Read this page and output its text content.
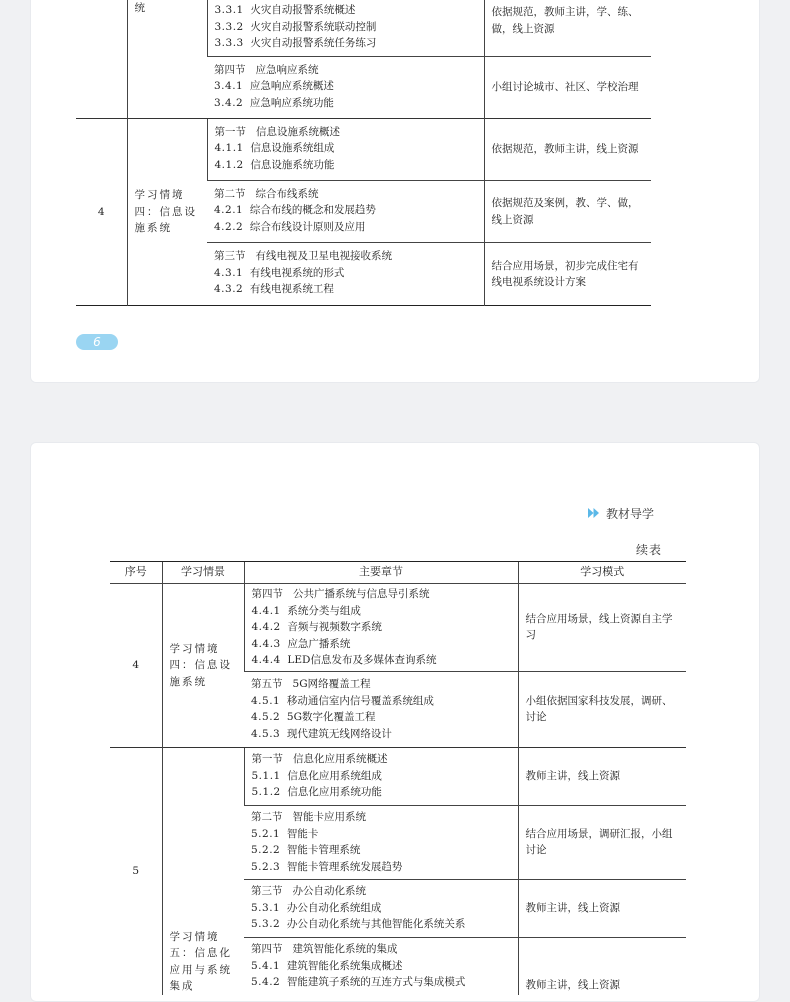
	统	3.3.1 火灾自动报警系统概述
3.3.2 火灾自动报警系统联动控制
3.3.3 火灾自动报警系统任务练习	依据规范，教师主讲，学、练、做，线上资源

		第四节 应急响应系统
3.4.1 应急响应系统概述
3.4.2 应急响应系统功能	小组讨论城市、社区、学校治理
4	学习情境四：信息设施系统	第一节 信息设施系统概述
4.1.1 信息设施系统组成
4.1.2 信息设施系统功能	依据规范，教师主讲，线上资源

		第二节 综合布线系统
4.2.1 综合布线的概念和发展趋势
4.2.2 综合布线设计原则及应用	依据规范及案例，教、学、做，线上资源

		第三节 有线电视及卫星电视接收系统
4.3.1 有线电视系统的形式
4.3.2 有线电视系统工程	结合应用场景，初步完成住宅有线电视系统设计方案
6
教材导学
续表
序号	学习情景	主要章节	学习模式
4	学习情境四：信息设施系统	第四节 公共广播系统与信息导引系统
4.4.1 系统分类与组成
4.4.2 音频与视频数字系统
4.4.3 应急广播系统
4.4.4 LED信息发布及多媒体查询系统	结合应用场景，线上资源自主学习

		第五节 5G网络覆盖工程
4.5.1 移动通信室内信号覆盖系统组成
4.5.2 5G数字化覆盖工程
4.5.3 现代建筑无线网络设计	小组依据国家科技发展，调研、讨论
5	学习情境五：信息化应用与系统集成	第一节 信息化应用系统概述
5.1.1 信息化应用系统组成
5.1.2 信息化应用系统功能	教师主讲，线上资源

		第二节 智能卡应用系统
5.2.1 智能卡
5.2.2 智能卡管理系统
5.2.3 智能卡管理系统发展趋势	结合应用场景，调研汇报，小组讨论

		第三节 办公自动化系统
5.3.1 办公自动化系统组成
5.3.2 办公自动化系统与其他智能化系统关系	教师主讲，线上资源

		第四节 建筑智能化系统的集成
5.4.1 建筑智能化系统集成概述
5.4.2 智能建筑子系统的互连方式与集成模式	教师主讲，线上资源
